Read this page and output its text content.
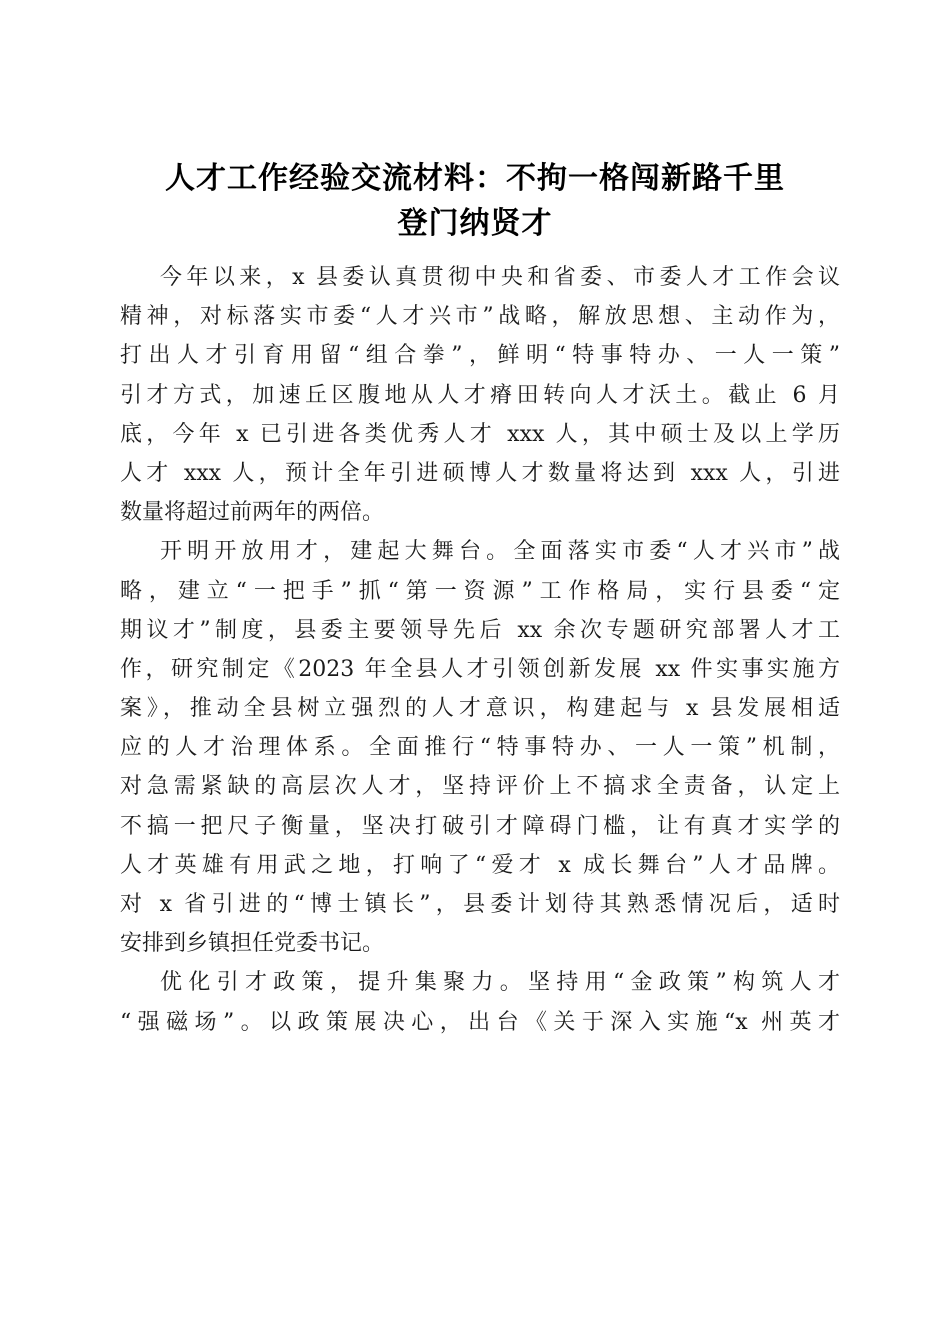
人才工作经验交流材料：不拘一格闯新路千里
登门纳贤才
今年以来，x 县委认真贯彻中央和省委、市委人才工作会议
精神，对标落实市委“人才兴市”战略，解放思想、主动作为，
打出人才引育用留“组合拳”，鲜明“特事特办、一人一策”
引才方式，加速丘区腹地从人才瘠田转向人才沃土。截止 6 月
底，今年 x 已引进各类优秀人才 xxx 人，其中硕士及以上学历
人才 xxx 人，预计全年引进硕博人才数量将达到 xxx 人，引进
数量将超过前两年的两倍。
开明开放用才，建起大舞台。全面落实市委“人才兴市”战
略，建立“一把手”抓“第一资源”工作格局，实行县委“定
期议才”制度，县委主要领导先后 xx 余次专题研究部署人才工
作，研究制定《2023 年全县人才引领创新发展 xx 件实事实施方
案》，推动全县树立强烈的人才意识，构建起与 x 县发展相适
应的人才治理体系。全面推行“特事特办、一人一策”机制，
对急需紧缺的高层次人才，坚持评价上不搞求全责备，认定上
不搞一把尺子衡量，坚决打破引才障碍门槛，让有真才实学的
人才英雄有用武之地，打响了“爱才 x 成长舞台”人才品牌。
对 x 省引进的“博士镇长”，县委计划待其熟悉情况后，适时
安排到乡镇担任党委书记。
优化引才政策，提升集聚力。坚持用“金政策”构筑人才
“强磁场”。以政策展决心，出台《关于深入实施“x 州英才
